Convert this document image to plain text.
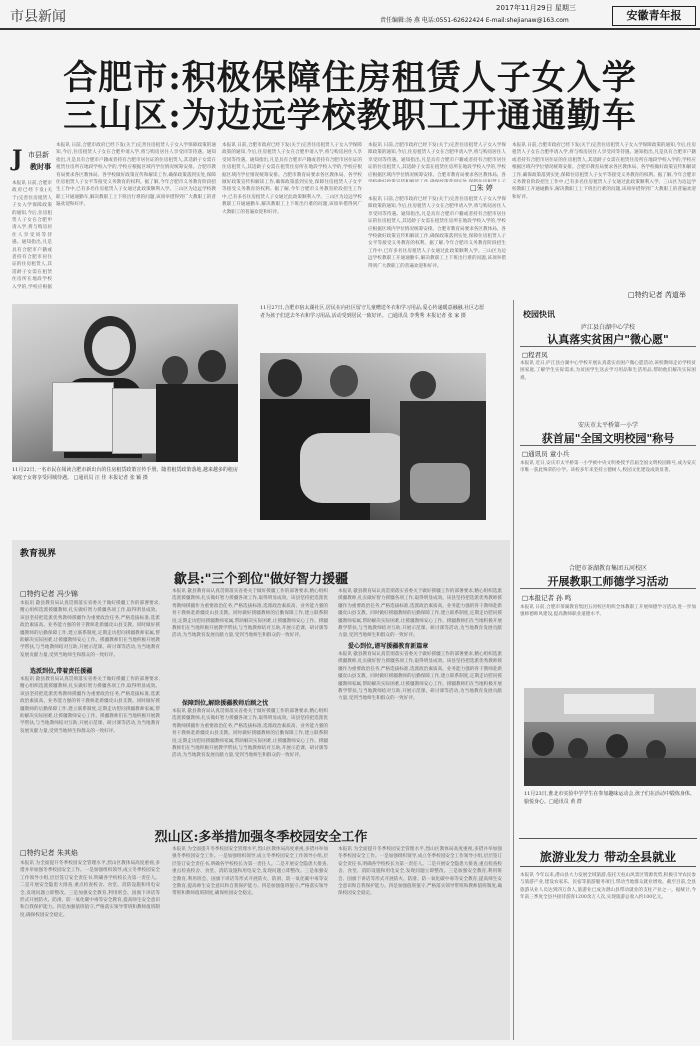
市县新闻
2017年11月29日 星期三
责任编辑:汤 燕 电话:0551-62622424 E-mail:shejianaw@163.com	安徽青年报
合肥市:积极保障住房租赁人子女入学
三山区:为边远学校教职工开通通勤车
J 市县新
教时事
本报讯 日前,合肥市政府已经下发(关于)完善住房租赁人子女入学保障政策的通知,今后,住房租赁人子女在合肥申请入学,将与购房居住人享受同等待遇。通知指出,凡是具有合肥市户籍或者持有合肥市居住证的住房租赁人,其适龄子女需在租赁住房所在地段学校入学的,学校应根据
本报讯 日前,合肥市政府已经下发(关于)完善住房租赁人子女入学保障政策的通知,今后,住房租赁人子女在合肥申请入学,将与购房居住人享受同等待遇。通知指出,凡是具有合肥市户籍或者持有合肥市居住证的住房租赁人,其适龄子女需在租赁住房所在地段学校入学的,学校应根据区域内学位情况统筹安排。合肥市教育局要求各区教体局、各学校做好政策宣传和解读工作,确保政策落到实处,保障住房租赁人子女平等接受义务教育的权利。据了解,今年合肥市义务教育阶段招生工作中,已有多名住房租赁人子女通过此政策顺利入学。三山区为边远学校教职工开通通勤车,解决教职工上下班出行难的问题,该项举措得到广大教职工的普遍欢迎和好评。
本报讯 日前,合肥市政府已经下发(关于)完善住房租赁人子女入学保障政策的通知,今后,住房租赁人子女在合肥申请入学,将与购房居住人享受同等待遇。通知指出,凡是具有合肥市户籍或者持有合肥市居住证的住房租赁人,其适龄子女需在租赁住房所在地段学校入学的,学校应根据区域内学位情况统筹安排。合肥市教育局要求各区教体局、各学校做好政策宣传和解读工作,确保政策落到实处,保障住房租赁人子女平等接受义务教育的权利。据了解,今年合肥市义务教育阶段招生工作中,已有多名住房租赁人子女通过此政策顺利入学。三山区为边远学校教职工开通通勤车,解决教职工上下班出行难的问题,该项举措得到广大教职工的普遍欢迎和好评。
本报讯 日前,合肥市政府已经下发(关于)完善住房租赁人子女入学保障政策的通知,今后,住房租赁人子女在合肥申请入学,将与购房居住人享受同等待遇。通知指出,凡是具有合肥市户籍或者持有合肥市居住证的住房租赁人,其适龄子女需在租赁住房所在地段学校入学的,学校应根据区域内学位情况统筹安排。合肥市教育局要求各区教体局、各
□朱 婷
本报讯 日前,合肥市政府已经下发(关于)完善住房租赁人子女入学保障政策的通知,今后,住房租赁人子女在合肥申请入学,将与购房居住人享受同等待遇。通知指出,凡是具有合肥市户籍或者持有合肥市居住证的住房租赁人,其适龄子女需在租赁住房所在地段学校入学的,学校应根据区域内学位情况统筹安排。合肥市教育局要求各区教体局、各学校做好政策宣传和解读工作,确保政策落到实处,保障住房租赁人子女平等接受义务教育的权利。据了解,今年合肥市义务教育阶段招生工作中,已有多名住房租赁人子女通过此政策顺利入学。三山区为边远学校教职工开通通勤车,解决教职工上下班出行难的问题,该项举措得到广大教职工的普遍欢迎和好评。
本报讯 日前,合肥市政府已经下发(关于)完善住房租赁人子女入学保障政策的通知,今后,住房租赁人子女在合肥申请入学,将与购房居住人享受同等待遇。通知指出,凡是具有合肥市户籍或者持有合肥市居住证的住房租赁人,其适龄子女需在租赁住房所在地段学校入学的,学校应根据区域内学位情况统筹安排。合肥市教育局要求各区教体局、各学校做好政策宣传和解读工作,确保政策落到实处,保障住房租赁人子女平等接受义务教育的权利。据了解,今年合肥市义务教育阶段招生工作中,已有多名住房租赁人子女通过此政策顺利入学。三山区为边远学校教职工开通通勤车,解决教职工上下班出行难的问题,该项举措得到广大教职工的普遍欢迎和好评。
□特约记者 芮道举
11月27日,合肥市宿太湖社区,居民在向社区留守儿童赠送冬衣和学习用品,爱心传递暖意融融,社区志愿者为孩子们送去冬衣和学习用品,活动受到居民一致好评。 □通讯员 李秀秀 本报记者 张 家 摄
11月22日,一名市民在阅读合肥市新出台的住房租赁政策宣传手册。随着租赁政策落地,越来越多的租房家庭子女将享受同城待遇。 □通讯员 汪 佳 本报记者 张 颖 摄
校园快讯
庐江县白湖中心学校
认真落实贫困户"微心愿"
□程君凤
本报讯 近日,庐江县白湖中心学校开展认真落实贫困户微心愿活动,该校教师走访学校贫困家庭,了解学生实际需求,为贫困学生送去学习用品和生活用品,帮助他们解决实际困难。
安庆市太平桥第一小学
获首届"全国文明校园"称号
□通讯员 童小兵
本报讯 近日,安庆市太平桥第一小学被中央文明委授予首届全国文明校园称号,成为安庆市唯一获此殊荣的小学。该校多年来坚持立德树人,校园文化建设成效显著。
合肥市茶湖教育集团五河校区
开展教职工师德学习活动
□本报记者 孙 鸣
本报讯 日前,合肥市茶湖教育集团五河校区组织全体教职工开展师德学习活动,进一步加强师德师风建设,提高教师职业道德水平。
11月23日,淮北市实验中学学生在参加趣味运动会,孩子们在活动中锻炼身体、愉悦身心。□通讯员 黄 群
旅游业发力 带动全县就业
本报讯 今年以来,潜山县大力发展全域旅游,依托天柱山风景区资源优势,积极引导农民参与旅游产业,建设农家乐、民宿等旅游服务项目,带动当地群众就业增收。截至目前,全县旅游从业人员达到四万余人,旅游业已成为潜山县带动就业的支柱产业之一。据统计,今年前三季度全县共接待游客1200余万人次,实现旅游总收入约100亿元。
教育视界
歙县:"三个到位"做好智力援疆
□特约记者 冯少锦
本报讯 歙县教育局认真贯彻落实省委关于做好援疆工作的部署要求,精心组织选派援疆教师,扎实做好智力援疆各项工作,取得明显成效。该县坚持把选派优秀教师援疆作为重要政治任务,严格选拔标准,选派政治素质高、业务能力强的骨干教师赴新疆皮山县支教。同时做好援疆教师的后勤保障工作,建立联系制度,定期走访慰问援疆教师家属,帮助解决实际困难,让援疆教师安心工作。援疆教师们在当地积极开展教学帮扶,与当地教师结对互助,开展示范课、研讨课等活动,为当地教育发展贡献力量,受到当地师生和群众的一致好评。
选派到位,带着责任援疆
本报讯 歙县教育局认真贯彻落实省委关于做好援疆工作的部署要求,精心组织选派援疆教师,扎实做好智力援疆各项工作,取得明显成效。该县坚持把选派优秀教师援疆作为重要政治任务,严格选拔标准,选派政治素质高、业务能力强的骨干教师赴新疆皮山县支教。同时做好援疆教师的后勤保障工作,建立联系制度,定期走访慰问援疆教师家属,帮助解决实际困难,让援疆教师安心工作。援疆教师们在当地积极开展教学帮扶,与当地教师结对互助,开展示范课、研讨课等活动,为当地教育发展贡献力量,受到当地师生和群众的一致好评。
本报讯 歙县教育局认真贯彻落实省委关于做好援疆工作的部署要求,精心组织选派援疆教师,扎实做好智力援疆各项工作,取得明显成效。该县坚持把选派优秀教师援疆作为重要政治任务,严格选拔标准,选派政治素质高、业务能力强的骨干教师赴新疆皮山县支教。同时做好援疆教师的后勤保障工作,建立联系制度,定期走访慰问援疆教师家属,帮助解决实际困难,让援疆教师安心工作。援疆教师们在当地积极开展教学帮扶,与当地教师结对互助,开展示范课、研讨课等活动,为当地教育发展贡献力量,受到当地师生和群众的一致好评。
保障到位,解除援疆教师后顾之忧
本报讯 歙县教育局认真贯彻落实省委关于做好援疆工作的部署要求,精心组织选派援疆教师,扎实做好智力援疆各项工作,取得明显成效。该县坚持把选派优秀教师援疆作为重要政治任务,严格选拔标准,选派政治素质高、业务能力强的骨干教师赴新疆皮山县支教。同时做好援疆教师的后勤保障工作,建立联系制度,定期走访慰问援疆教师家属,帮助解决实际困难,让援疆教师安心工作。援疆教师们在当地积极开展教学帮扶,与当地教师结对互助,开展示范课、研讨课等活动,为当地教育发展贡献力量,受到当地师生和群众的一致好评。
本报讯 歙县教育局认真贯彻落实省委关于做好援疆工作的部署要求,精心组织选派援疆教师,扎实做好智力援疆各项工作,取得明显成效。该县坚持把选派优秀教师援疆作为重要政治任务,严格选拔标准,选派政治素质高、业务能力强的骨干教师赴新疆皮山县支教。同时做好援疆教师的后勤保障工作,建立联系制度,定期走访慰问援疆教师家属,帮助解决实际困难,让援疆教师安心工作。援疆教师们在当地积极开展教学帮扶,与当地教师结对互助,开展示范课、研讨课等活动,为当地教育发展贡献力量,受到当地师生和群众的一致好评。
爱心到位,谱写援疆教育新篇章
本报讯 歙县教育局认真贯彻落实省委关于做好援疆工作的部署要求,精心组织选派援疆教师,扎实做好智力援疆各项工作,取得明显成效。该县坚持把选派优秀教师援疆作为重要政治任务,严格选拔标准,选派政治素质高、业务能力强的骨干教师赴新疆皮山县支教。同时做好援疆教师的后勤保障工作,建立联系制度,定期走访慰问援疆教师家属,帮助解决实际困难,让援疆教师安心工作。援疆教师们在当地积极开展教学帮扶,与当地教师结对互助,开展示范课、研讨课等活动,为当地教育发展贡献力量,受到当地师生和群众的一致好评。
烈山区:多举措加强冬季校园安全工作
□特约记者 朱其焰
本报讯 为全面提升冬季校园安全管理水平,烈山区教体局高度重视,多措并举加强冬季校园安全工作。一是加强组织领导,成立冬季校园安全工作领导小组,层层签订安全责任书,明确各学校校长为第一责任人。二是开展安全隐患大排查,重点检查校舍、食堂、消防设施和用电安全,发现问题立即整改。三是加强安全教育,利用班会、国旗下讲话等形式开展防火、防滑、防一氧化碳中毒等安全教育,提高师生安全意识和自我保护能力。四是加强值班值守,严格落实领导带班和教师值班制度,确保校园安全稳定。
本报讯 为全面提升冬季校园安全管理水平,烈山区教体局高度重视,多措并举加强冬季校园安全工作。一是加强组织领导,成立冬季校园安全工作领导小组,层层签订安全责任书,明确各学校校长为第一责任人。二是开展安全隐患大排查,重点检查校舍、食堂、消防设施和用电安全,发现问题立即整改。三是加强安全教育,利用班会、国旗下讲话等形式开展防火、防滑、防一氧化碳中毒等安全教育,提高师生安全意识和自我保护能力。四是加强值班值守,严格落实领导带班和教师值班制度,确保校园安全稳定。
本报讯 为全面提升冬季校园安全管理水平,烈山区教体局高度重视,多措并举加强冬季校园安全工作。一是加强组织领导,成立冬季校园安全工作领导小组,层层签订安全责任书,明确各学校校长为第一责任人。二是开展安全隐患大排查,重点检查校舍、食堂、消防设施和用电安全,发现问题立即整改。三是加强安全教育,利用班会、国旗下讲话等形式开展防火、防滑、防一氧化碳中毒等安全教育,提高师生安全意识和自我保护能力。四是加强值班值守,严格落实领导带班和教师值班制度,确保校园安全稳定。
